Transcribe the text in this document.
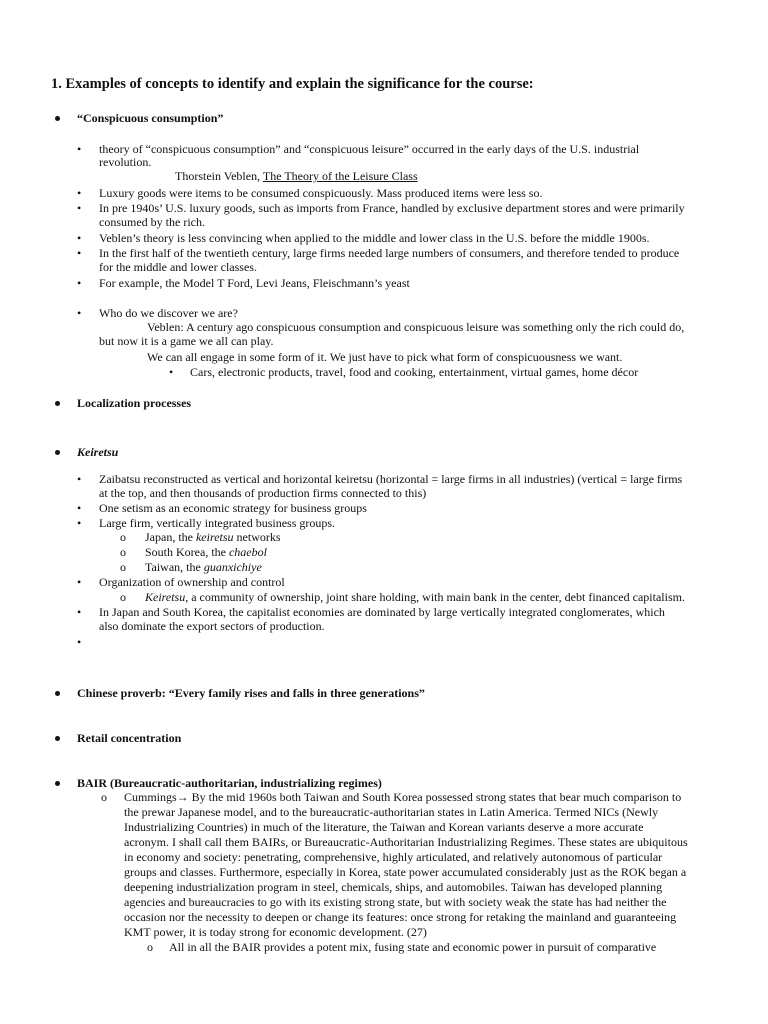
1. Examples of concepts to identify and explain the significance for the course:
“Conspicuous consumption”
• theory of “conspicuous consumption” and “conspicuous leisure” occurred in the early days of the U.S. industrial
revolution.
Thorstein Veblen, The Theory of the Leisure Class
• Luxury goods were items to be consumed conspicuously. Mass produced items were less so.
• In pre 1940s’ U.S. luxury goods, such as imports from France, handled by exclusive department stores and were primarily
consumed by the rich.
• Veblen’s theory is less convincing when applied to the middle and lower class in the U.S. before the middle 1900s.
• In the first half of the twentieth century, large firms needed large numbers of consumers, and therefore tended to produce
for the middle and lower classes.
• For example, the Model T Ford, Levi Jeans, Fleischmann’s yeast
• Who do we discover we are?
Veblen: A century ago conspicuous consumption and conspicuous leisure was something only the rich could do,
but now it is a game we all can play.
We can all engage in some form of it. We just have to pick what form of conspicuousness we want.
• Cars, electronic products, travel, food and cooking, entertainment, virtual games, home décor
Localization processes
Keiretsu
• Zaibatsu reconstructed as vertical and horizontal keiretsu (horizontal = large firms in all industries) (vertical = large firms
at the top, and then thousands of production firms connected to this)
• One setism as an economic strategy for business groups
• Large firm, vertically integrated business groups.
o Japan, the keiretsu networks
o South Korea, the chaebol
o Taiwan, the guanxichiye
• Organization of ownership and control
o Keiretsu, a community of ownership, joint share holding, with main bank in the center, debt financed capitalism.
• In Japan and South Korea, the capitalist economies are dominated by large vertically integrated conglomerates, which
also dominate the export sectors of production.
•
Chinese proverb: “Every family rises and falls in three generations”
Retail concentration
BAIR (Bureaucratic-authoritarian, industrializing regimes)
o Cummings→ By the mid 1960s both Taiwan and South Korea possessed strong states that bear much comparison to
the prewar Japanese model, and to the bureaucratic-authoritarian states in Latin America. Termed NICs (Newly
Industrializing Countries) in much of the literature, the Taiwan and Korean variants deserve a more accurate
acronym. I shall call them BAIRs, or Bureaucratic-Authoritarian Industrializing Regimes. These states are ubiquitous
in economy and society: penetrating, comprehensive, highly articulated, and relatively autonomous of particular
groups and classes. Furthermore, especially in Korea, state power accumulated considerably just as the ROK began a
deepening industrialization program in steel, chemicals, ships, and automobiles. Taiwan has developed planning
agencies and bureaucracies to go with its existing strong state, but with society weak the state has had neither the
occasion nor the necessity to deepen or change its features: once strong for retaking the mainland and guaranteeing
KMT power, it is today strong for economic development. (27)
o All in all the BAIR provides a potent mix, fusing state and economic power in pursuit of comparative
